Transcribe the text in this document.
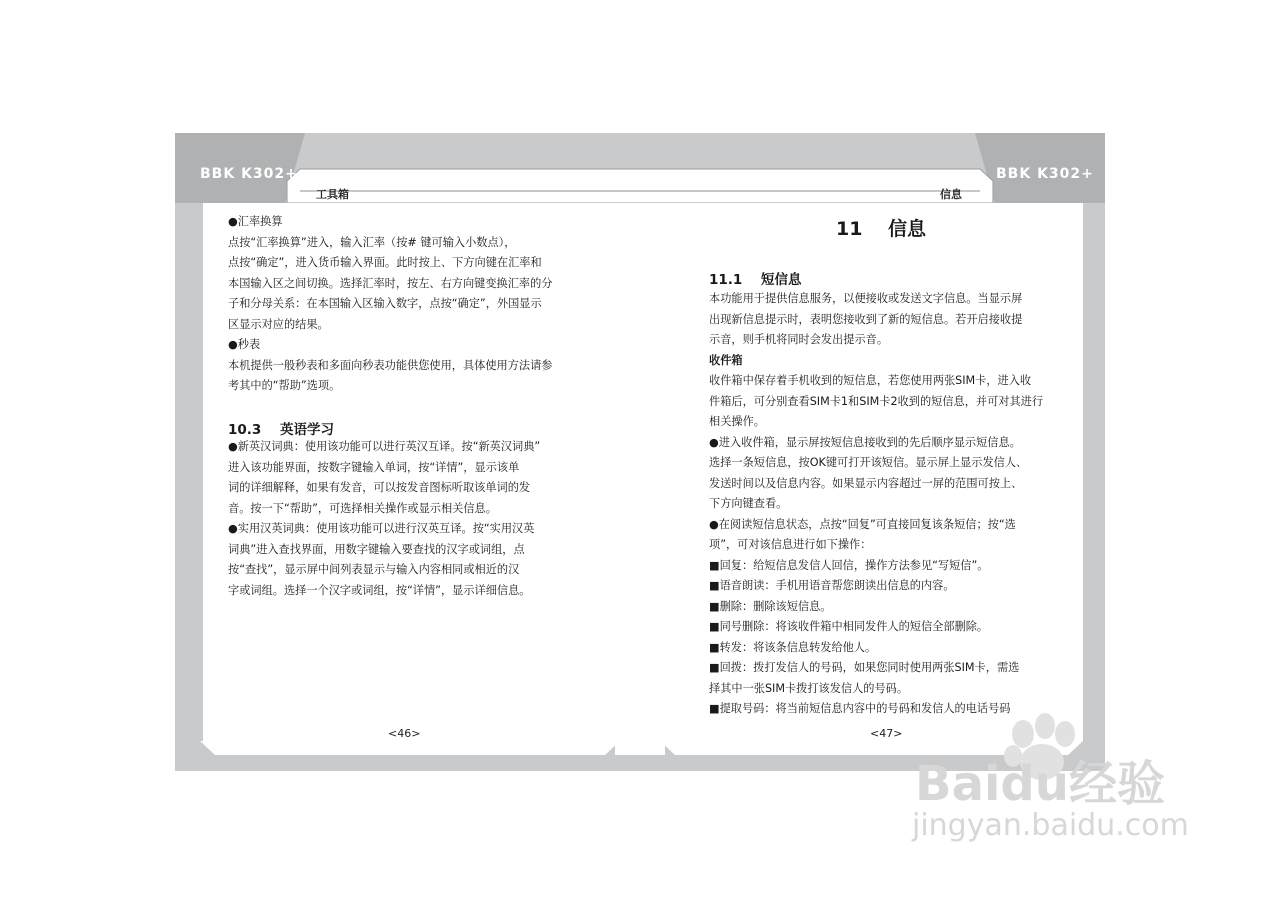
BBK K302+	BBK K302+
工具箱	信息
●汇率换算
点按“汇率换算”进入，输入汇率（按# 键可输入小数点），
点按“确定”，进入货币输入界面。此时按上、下方向键在汇率和
本国输入区之间切换。选择汇率时，按左、右方向键变换汇率的分
子和分母关系：在本国输入区输入数字，点按“确定”，外国显示
区显示对应的结果。
●秒表
本机提供一般秒表和多面向秒表功能供您使用，具体使用方法请参
考其中的“帮助”选项。
10.3 英语学习
●新英汉词典：使用该功能可以进行英汉互译。按“新英汉词典”
进入该功能界面，按数字键输入单词，按“详情”，显示该单
词的详细解释，如果有发音，可以按发音图标听取该单词的发
音。按一下“帮助”，可选择相关操作或显示相关信息。
●实用汉英词典：使用该功能可以进行汉英互译。按“实用汉英
词典”进入查找界面，用数字键输入要查找的汉字或词组，点
按“查找”，显示屏中间列表显示与输入内容相同或相近的汉
字或词组。选择一个汉字或词组，按“详情”，显示详细信息。
<46>
11 信息
11.1 短信息
本功能用于提供信息服务，以便接收或发送文字信息。当显示屏
出现新信息提示时，表明您接收到了新的短信息。若开启接收提
示音，则手机将同时会发出提示音。
收件箱
收件箱中保存着手机收到的短信息，若您使用两张SIM卡，进入收
件箱后，可分别查看SIM卡1和SIM卡2收到的短信息，并可对其进行
相关操作。
●进入收件箱，显示屏按短信息接收到的先后顺序显示短信息。
选择一条短信息，按OK键可打开该短信。显示屏上显示发信人、
发送时间以及信息内容。如果显示内容超过一屏的范围可按上、
下方向键查看。
●在阅读短信息状态，点按“回复”可直接回复该条短信；按“选
项”，可对该信息进行如下操作：
■回复：给短信息发信人回信，操作方法参见“写短信”。
■语音朗读：手机用语音帮您朗读出信息的内容。
■删除：删除该短信息。
■同号删除：将该收件箱中相同发件人的短信全部删除。
■转发：将该条信息转发给他人。
■回拨：拨打发信人的号码，如果您同时使用两张SIM卡，需选
择其中一张SIM卡拨打该发信人的号码。
■提取号码：将当前短信息内容中的号码和发信人的电话号码
<47>
Baidu经验
jingyan.baidu.com
